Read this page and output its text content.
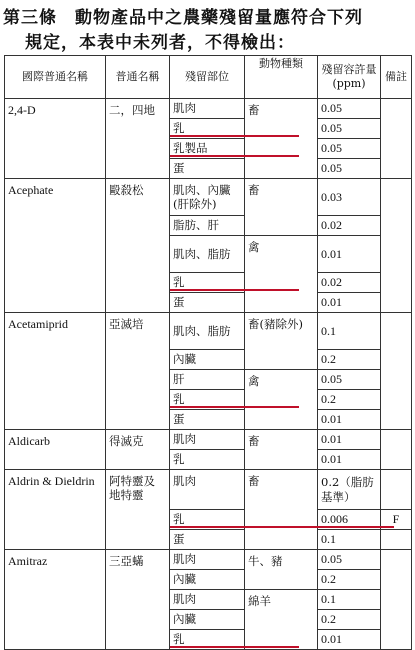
第三條　動物產品中之農藥殘留量應符合下列
規定，本表中未列者，不得檢出：
國際普通名稱	普通名稱	殘留部位	動物種類	殘留容許量(ppm)	備註
2,4-D	二，四地	肌肉	畜	0.05	
		乳		0.05	
		乳製品		0.05	
		蛋		0.05	
Acephate	毆殺松	肌肉、內臟(肝除外)	畜	0.03	
		脂肪、肝		0.02	
		肌肉、脂肪	禽	0.01	
		乳		0.02	
		蛋		0.01	
Acetamiprid	亞滅培	肌肉、脂肪	畜(豬除外)	0.1	
		內臟		0.2	
		肝	禽	0.05	
		乳		0.2	
		蛋		0.01	
Aldicarb	得滅克	肌肉	畜	0.01	
		乳		0.01	
Aldrin & Dieldrin	阿特靈及地特靈	肌肉	畜	0.2（脂肪基準）	
		乳		0.006	F
		蛋		0.1	
Amitraz	三亞蟎	肌肉	牛、豬	0.05	
		內臟		0.2	
		肌肉	綿羊	0.1	
		內臟		0.2	
		乳		0.01	
